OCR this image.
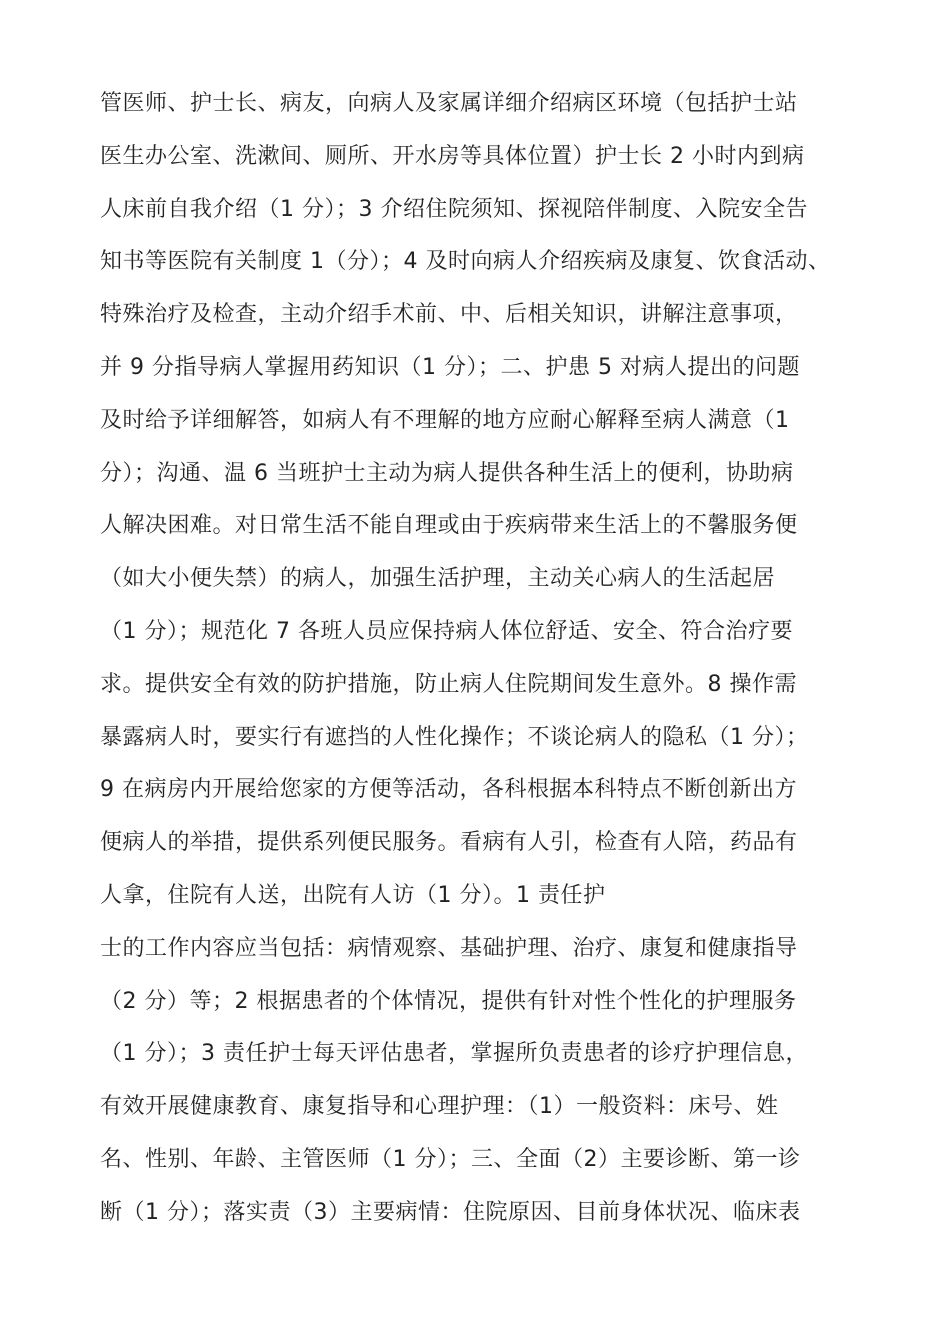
管医师、护士长、病友，向病人及家属详细介绍病区环境（包括护士站
医生办公室、洗漱间、厕所、开水房等具体位置）护士长 2 小时内到病
人床前自我介绍（1 分）；3 介绍住院须知、探视陪伴制度、入院安全告
知书等医院有关制度 1（分）；4 及时向病人介绍疾病及康复、饮食活动、
特殊治疗及检查，主动介绍手术前、中、后相关知识，讲解注意事项，
并 9 分指导病人掌握用药知识（1 分）；二、护患 5 对病人提出的问题
及时给予详细解答，如病人有不理解的地方应耐心解释至病人满意（1
分）；沟通、温 6 当班护士主动为病人提供各种生活上的便利，协助病
人解决困难。对日常生活不能自理或由于疾病带来生活上的不馨服务便
（如大小便失禁）的病人，加强生活护理，主动关心病人的生活起居
（1 分）；规范化 7 各班人员应保持病人体位舒适、安全、符合治疗要
求。提供安全有效的防护措施，防止病人住院期间发生意外。8 操作需
暴露病人时，要实行有遮挡的人性化操作；不谈论病人的隐私（1 分）；
9 在病房内开展给您家的方便等活动，各科根据本科特点不断创新出方
便病人的举措，提供系列便民服务。看病有人引，检查有人陪，药品有
人拿，住院有人送，出院有人访（1 分）。1 责任护
士的工作内容应当包括：病情观察、基础护理、治疗、康复和健康指导
（2 分）等；2 根据患者的个体情况，提供有针对性个性化的护理服务
（1 分）；3 责任护士每天评估患者，掌握所负责患者的诊疗护理信息，
有效开展健康教育、康复指导和心理护理：（1）一般资料：床号、姓
名、性别、年龄、主管医师（1 分）；三、全面（2）主要诊断、第一诊
断（1 分）；落实责（3）主要病情：住院原因、目前身体状况、临床表
